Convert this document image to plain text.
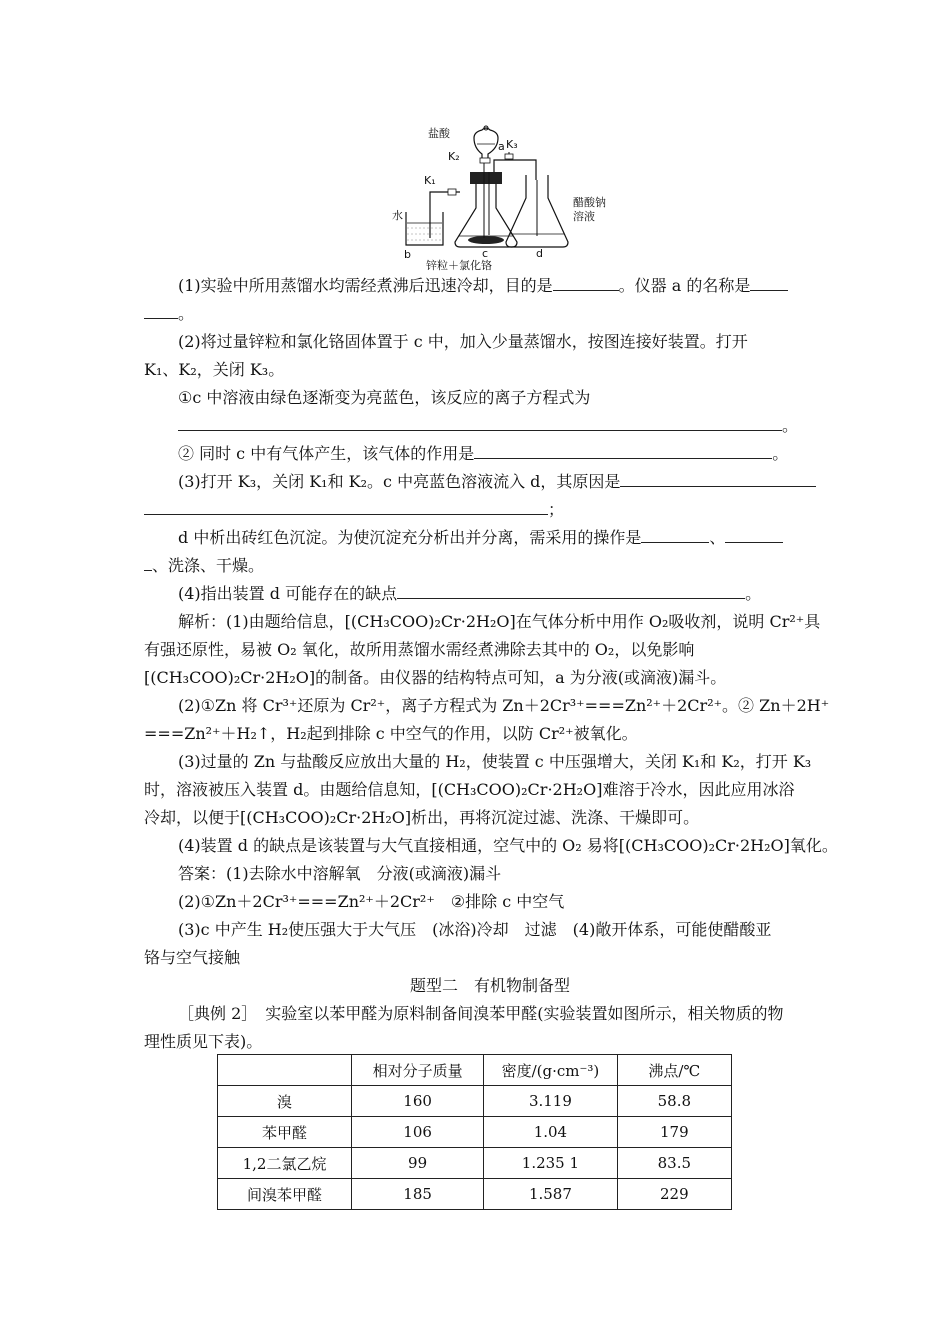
盐酸
K₃
a
K₂
K₁
水
醋酸钠
溶液
b	c	d
锌粒＋氯化铬
(1)实验中所用蒸馏水均需经煮沸后迅速冷却，目的是	。仪器 a 的名称是
。
(2)将过量锌粒和氯化铬固体置于 c 中，加入少量蒸馏水，按图连接好装置。打开
K₁、K₂，关闭 K₃。
①c 中溶液由绿色逐渐变为亮蓝色，该反应的离子方程式为
。
② 同时 c 中有气体产生，该气体的作用是	。
(3)打开 K₃，关闭 K₁和 K₂。c 中亮蓝色溶液流入 d，其原因是
；
d 中析出砖红色沉淀。为使沉淀充分析出并分离，需采用的操作是	、
、洗涤、干燥。
(4)指出装置 d 可能存在的缺点	。
解析：(1)由题给信息，[(CH₃COO)₂Cr·2H₂O]在气体分析中用作 O₂吸收剂，说明 Cr²⁺具
有强还原性，易被 O₂ 氧化，故所用蒸馏水需经煮沸除去其中的 O₂，以免影响
[(CH₃COO)₂Cr·2H₂O]的制备。由仪器的结构特点可知，a 为分液(或滴液)漏斗。
(2)①Zn 将 Cr³⁺还原为 Cr²⁺，离子方程式为 Zn＋2Cr³⁺===Zn²⁺＋2Cr²⁺。② Zn＋2H⁺
===Zn²⁺＋H₂↑，H₂起到排除 c 中空气的作用，以防 Cr²⁺被氧化。
(3)过量的 Zn 与盐酸反应放出大量的 H₂，使装置 c 中压强增大，关闭 K₁和 K₂，打开 K₃
时，溶液被压入装置 d。由题给信息知，[(CH₃COO)₂Cr·2H₂O]难溶于冷水，因此应用冰浴
冷却，以便于[(CH₃COO)₂Cr·2H₂O]析出，再将沉淀过滤、洗涤、干燥即可。
(4)装置 d 的缺点是该装置与大气直接相通，空气中的 O₂ 易将[(CH₃COO)₂Cr·2H₂O]氧化。
答案：(1)去除水中溶解氧　分液(或滴液)漏斗
(2)①Zn＋2Cr³⁺===Zn²⁺＋2Cr²⁺　②排除 c 中空气
(3)c 中产生 H₂使压强大于大气压　(冰浴)冷却　过滤　(4)敞开体系，可能使醋酸亚
铬与空气接触
题型二　有机物制备型
［典例 2］　实验室以苯甲醛为原料制备间溴苯甲醛(实验装置如图所示，相关物质的物
理性质见下表)。
	相对分子质量	密度/(g·cm⁻³)	沸点/℃
溴	160	3.119	58.8
苯甲醛	106	1.04	179
1,2二氯乙烷	99	1.235 1	83.5
间溴苯甲醛	185	1.587	229
